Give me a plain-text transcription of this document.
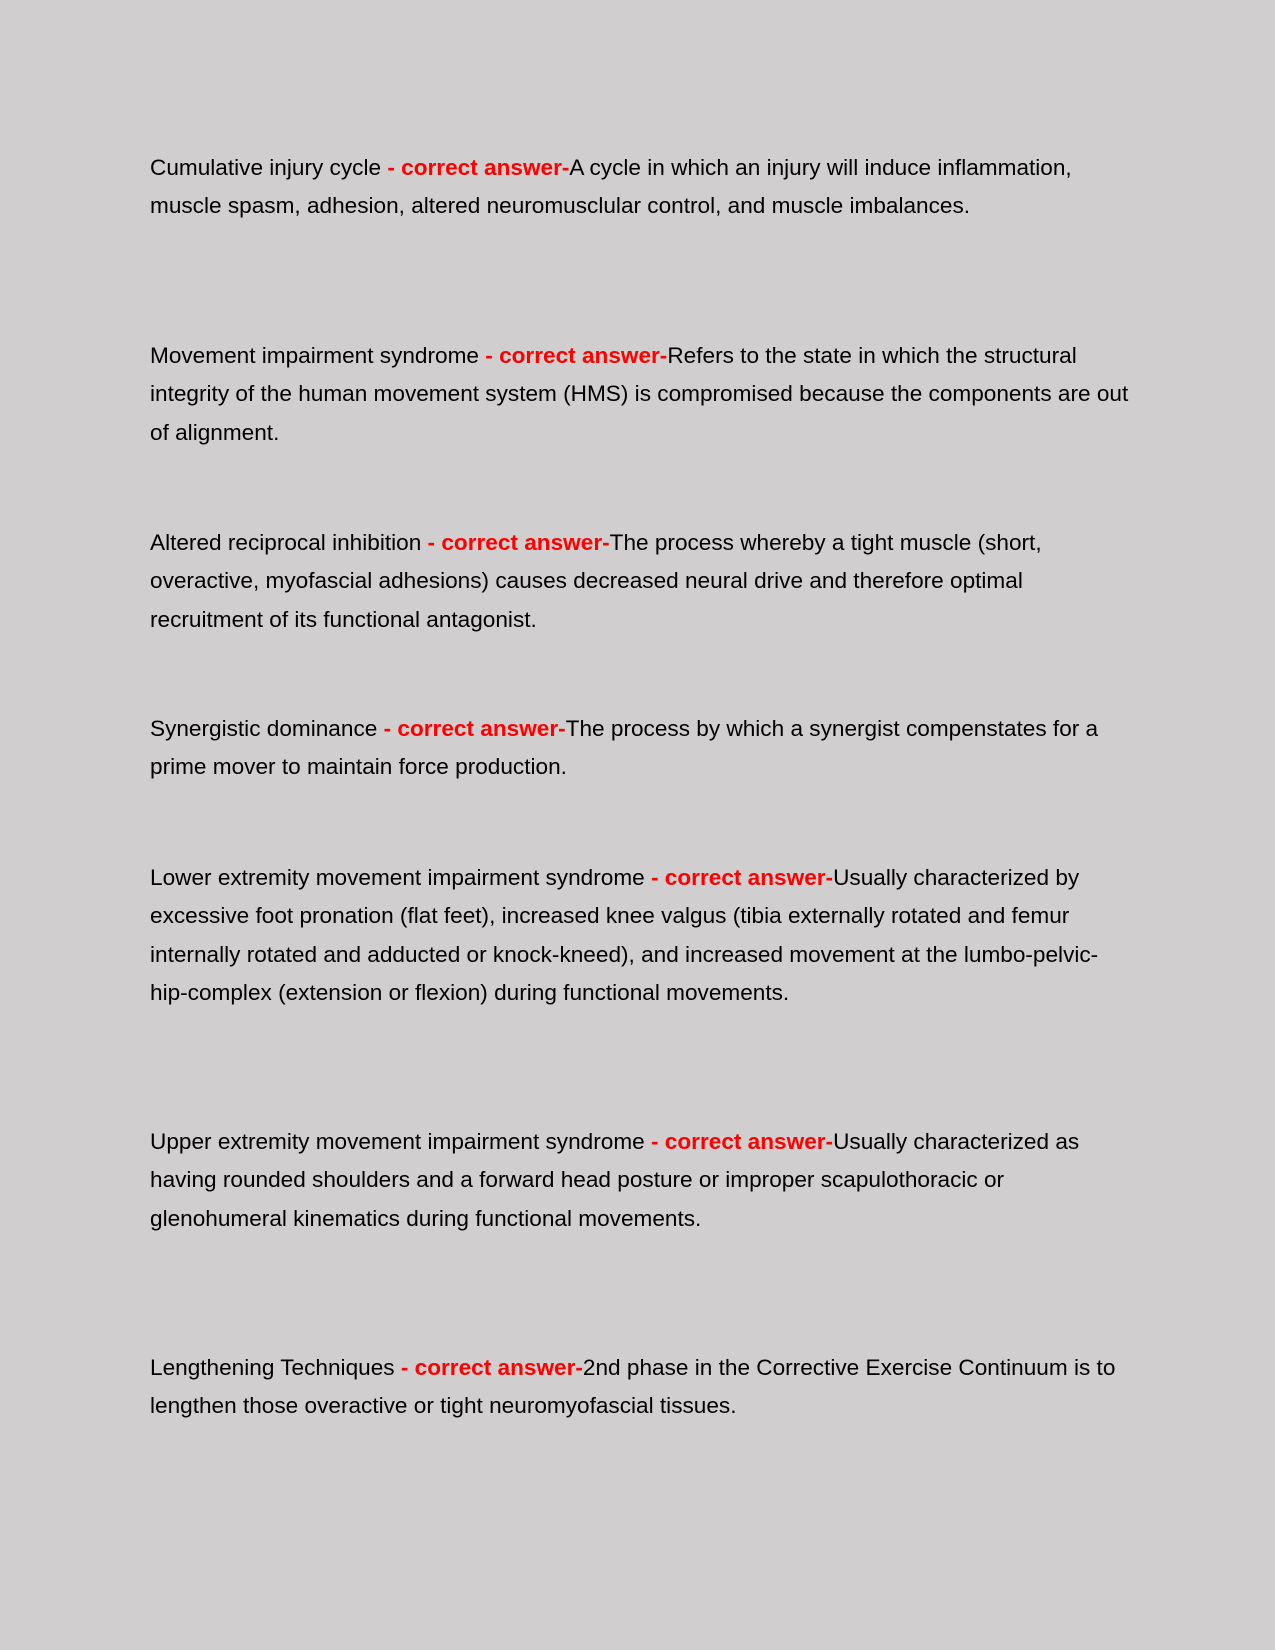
Cumulative injury cycle - correct answer-A cycle in which an injury will induce inflammation, muscle spasm, adhesion, altered neuromusclular control, and muscle imbalances.

Movement impairment syndrome - correct answer-Refers to the state in which the structural integrity of the human movement system (HMS) is compromised because the components are out of alignment.

Altered reciprocal inhibition - correct answer-The process whereby a tight muscle (short, overactive, myofascial adhesions) causes decreased neural drive and therefore optimal recruitment of its functional antagonist.

Synergistic dominance - correct answer-The process by which a synergist compenstates for a prime mover to maintain force production.

Lower extremity movement impairment syndrome - correct answer-Usually characterized by excessive foot pronation (flat feet), increased knee valgus (tibia externally rotated and femur internally rotated and adducted or knock-kneed), and increased movement at the lumbo-pelvic-hip-complex (extension or flexion) during functional movements.

Upper extremity movement impairment syndrome - correct answer-Usually characterized as having rounded shoulders and a forward head posture or improper scapulothoracic or glenohumeral kinematics during functional movements.

Lengthening Techniques - correct answer-2nd phase in the Corrective Exercise Continuum is to lengthen those overactive or tight neuromyofascial tissues.
